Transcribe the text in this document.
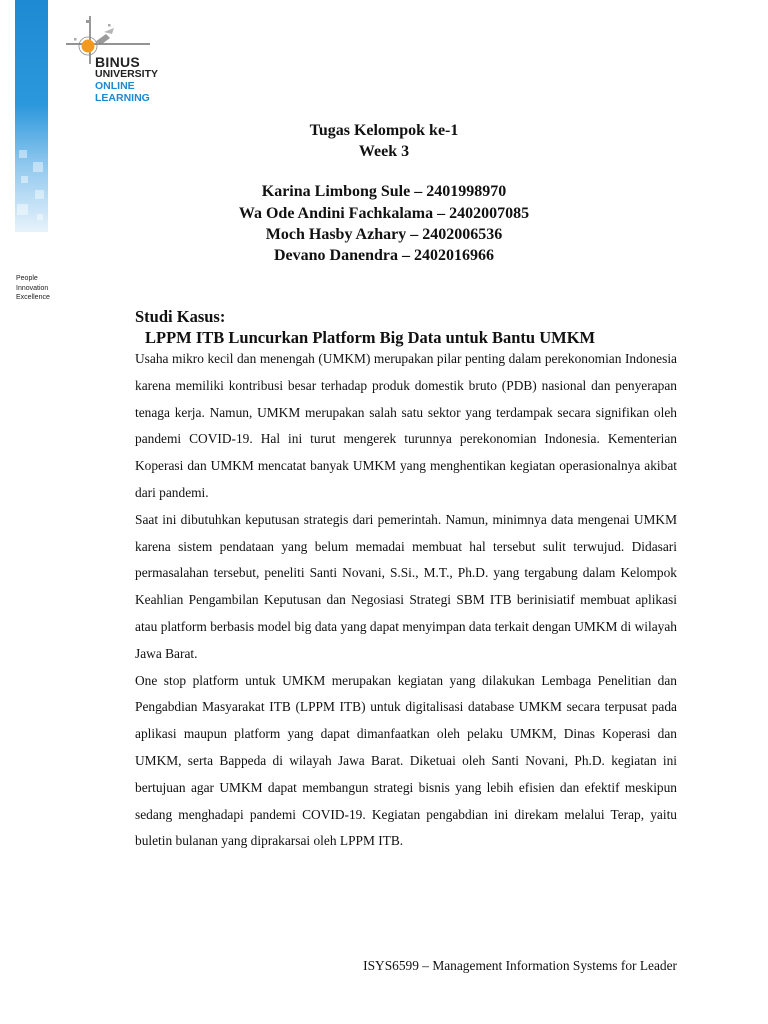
BINUS
UNIVERSITY
ONLINE
LEARNING
People
Innovation
Excellence
Tugas Kelompok ke-1
Week 3
Karina Limbong Sule – 2401998970
Wa Ode Andini Fachkalama – 2402007085
Moch Hasby Azhary – 2402006536
Devano Danendra – 2402016966
Studi Kasus:
LPPM ITB Luncurkan Platform Big Data untuk Bantu UMKM

Usaha mikro kecil dan menengah (UMKM) merupakan pilar penting dalam perekonomian Indonesia karena memiliki kontribusi besar terhadap produk domestik bruto (PDB) nasional dan penyerapan tenaga kerja. Namun, UMKM merupakan salah satu sektor yang terdampak secara signifikan oleh pandemi COVID-19. Hal ini turut mengerek turunnya perekonomian Indonesia. Kementerian Koperasi dan UMKM mencatat banyak UMKM yang menghentikan kegiatan operasionalnya akibat dari pandemi.

Saat ini dibutuhkan keputusan strategis dari pemerintah. Namun, minimnya data mengenai UMKM karena sistem pendataan yang belum memadai membuat hal tersebut sulit terwujud. Didasari permasalahan tersebut, peneliti Santi Novani, S.Si., M.T., Ph.D. yang tergabung dalam Kelompok Keahlian Pengambilan Keputusan dan Negosiasi Strategi SBM ITB berinisiatif membuat aplikasi atau platform berbasis model big data yang dapat menyimpan data terkait dengan UMKM di wilayah Jawa Barat.

One stop platform untuk UMKM merupakan kegiatan yang dilakukan Lembaga Penelitian dan Pengabdian Masyarakat ITB (LPPM ITB) untuk digitalisasi database UMKM secara terpusat pada aplikasi maupun platform yang dapat dimanfaatkan oleh pelaku UMKM, Dinas Koperasi dan UMKM, serta Bappeda di wilayah Jawa Barat. Diketuai oleh Santi Novani, Ph.D. kegiatan ini bertujuan agar UMKM dapat membangun strategi bisnis yang lebih efisien dan efektif meskipun sedang menghadapi pandemi COVID-19. Kegiatan pengabdian ini direkam melalui Terap, yaitu buletin bulanan yang diprakarsai oleh LPPM ITB.

ISYS6599 – Management Information Systems for Leader
